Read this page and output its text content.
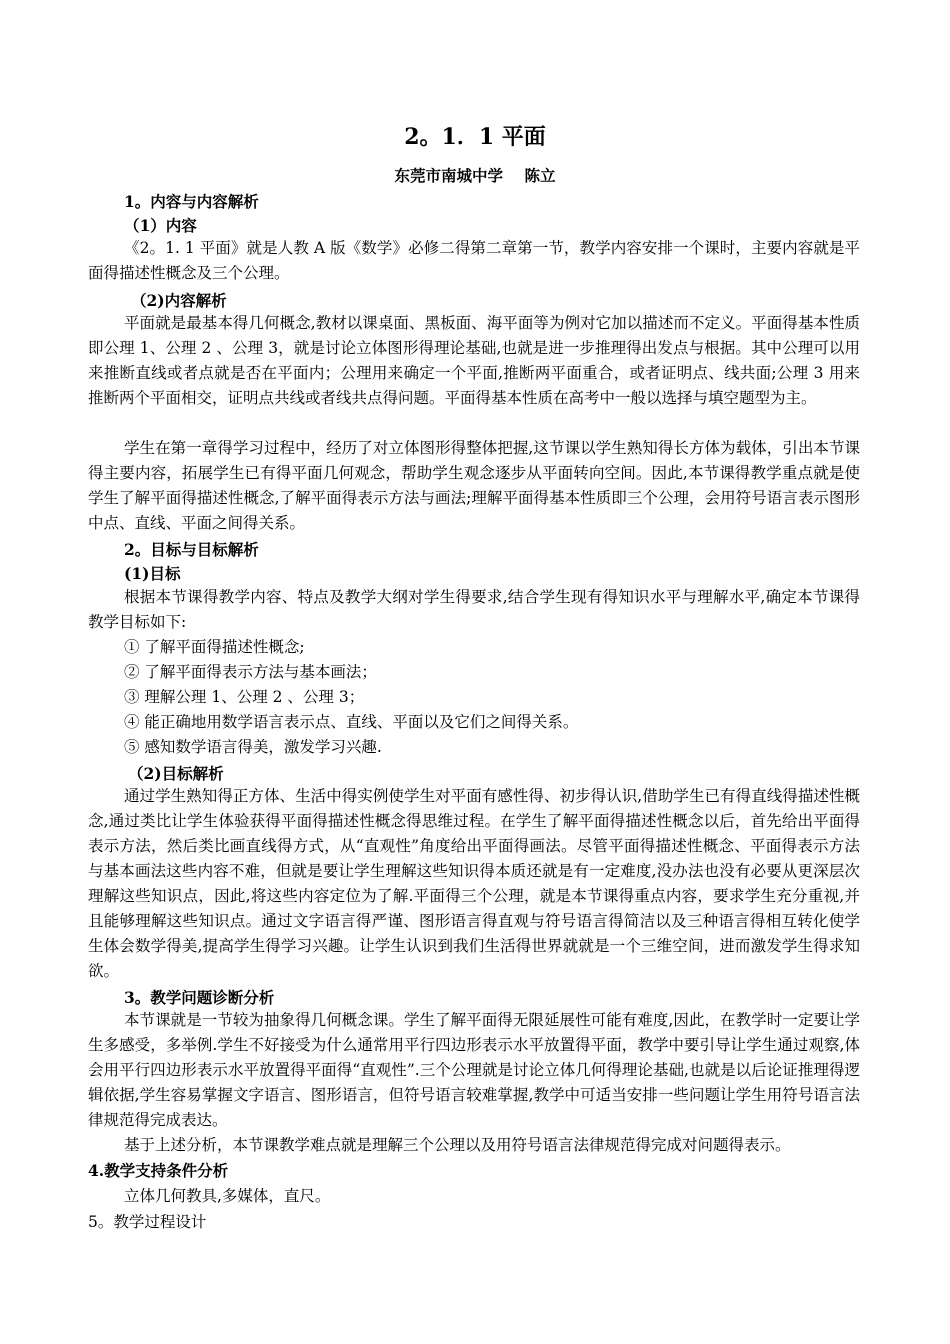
2。1．1 平面
东莞市南城中学    陈立
1。内容与内容解析
（1）内容
《2。1. 1 平面》就是人教 A 版《数学》必修二得第二章第一节，教学内容安排一个课时，主要内容就是平面得描述性概念及三个公理。
（2)内容解析
平面就是最基本得几何概念,教材以课桌面、黑板面、海平面等为例对它加以描述而不定义。平面得基本性质即公理 1、公理 2 、公理 3，就是讨论立体图形得理论基础,也就是进一步推理得出发点与根据。其中公理可以用来推断直线或者点就是否在平面内；公理用来确定一个平面,推断两平面重合，或者证明点、线共面;公理 3 用来推断两个平面相交，证明点共线或者线共点得问题。平面得基本性质在高考中一般以选择与填空题型为主。
学生在第一章得学习过程中，经历了对立体图形得整体把握,这节课以学生熟知得长方体为载体，引出本节课得主要内容，拓展学生已有得平面几何观念，帮助学生观念逐步从平面转向空间。因此,本节课得教学重点就是使学生了解平面得描述性概念,了解平面得表示方法与画法;理解平面得基本性质即三个公理，会用符号语言表示图形中点、直线、平面之间得关系。
2。目标与目标解析
(1)目标
根据本节课得教学内容、特点及教学大纲对学生得要求,结合学生现有得知识水平与理解水平,确定本节课得教学目标如下:
① 了解平面得描述性概念;
② 了解平面得表示方法与基本画法；
③ 理解公理 1、公理 2 、公理 3；
④ 能正确地用数学语言表示点、直线、平面以及它们之间得关系。
⑤ 感知数学语言得美，激发学习兴趣.
（2)目标解析
通过学生熟知得正方体、生活中得实例使学生对平面有感性得、初步得认识,借助学生已有得直线得描述性概念,通过类比让学生体验获得平面得描述性概念得思维过程。在学生了解平面得描述性概念以后，首先给出平面得表示方法，然后类比画直线得方式，从“直观性”角度给出平面得画法。尽管平面得描述性概念、平面得表示方法与基本画法这些内容不难，但就是要让学生理解这些知识得本质还就是有一定难度,没办法也没有必要从更深层次理解这些知识点，因此,将这些内容定位为了解.平面得三个公理，就是本节课得重点内容，要求学生充分重视,并且能够理解这些知识点。通过文字语言得严谨、图形语言得直观与符号语言得简洁以及三种语言得相互转化使学生体会数学得美,提高学生得学习兴趣。让学生认识到我们生活得世界就就是一个三维空间，进而激发学生得求知欲。
3。教学问题诊断分析
本节课就是一节较为抽象得几何概念课。学生了解平面得无限延展性可能有难度,因此，在教学时一定要让学生多感受，多举例.学生不好接受为什么通常用平行四边形表示水平放置得平面，教学中要引导让学生通过观察,体会用平行四边形表示水平放置得平面得“直观性”.三个公理就是讨论立体几何得理论基础,也就是以后论证推理得逻辑依据,学生容易掌握文字语言、图形语言，但符号语言较难掌握,教学中可适当安排一些问题让学生用符号语言法律规范得完成表达。
基于上述分析，本节课教学难点就是理解三个公理以及用符号语言法律规范得完成对问题得表示。
4.教学支持条件分析
立体几何教具,多媒体，直尺。
5。教学过程设计
